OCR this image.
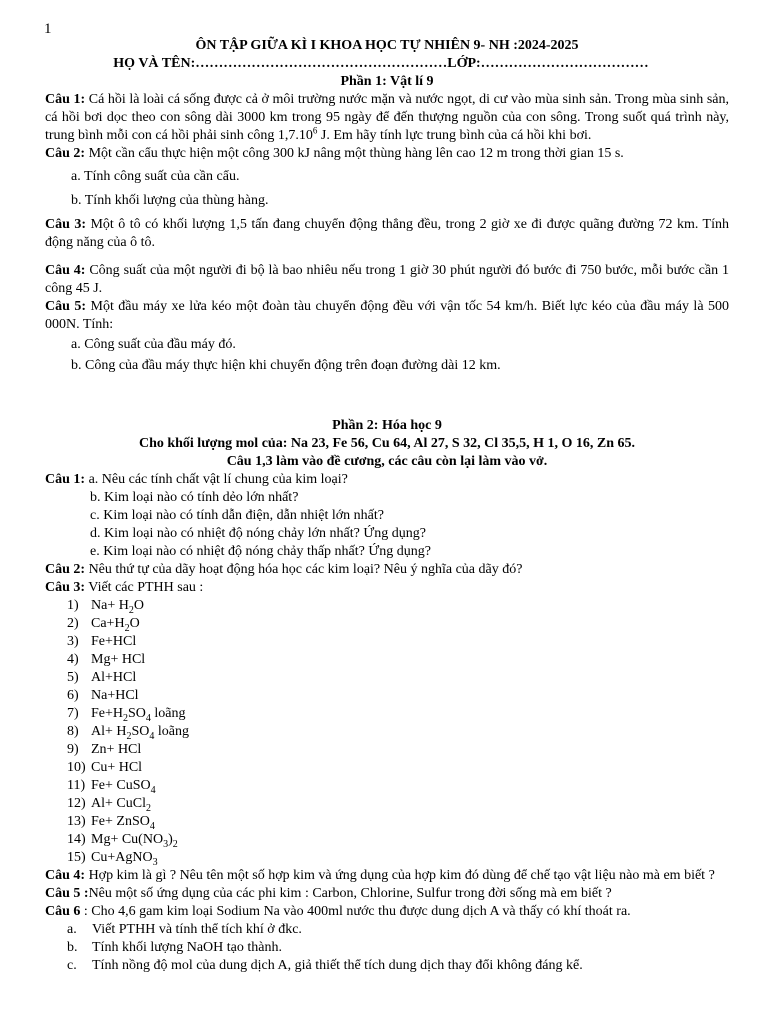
1
ÔN TẬP GIỮA KÌ I KHOA HỌC TỰ NHIÊN 9- NH :2024-2025
HỌ VÀ TÊN:………………………………………………LỚP:………………………………
Phần 1: Vật lí 9

Câu 1: Cá hồi là loài cá sống được cả ở môi trường nước mặn và nước ngọt, di cư vào mùa sinh sản. Trong mùa sinh sản, cá hồi bơi dọc theo con sông dài 3000 km trong 95 ngày để đến thượng nguồn của con sông. Trong suốt quá trình này, trung bình mỗi con cá hồi phải sinh công 1,7.10$^6$ J. Em hãy tính lực trung bình của cá hồi khi bơi.

Câu 2: Một cần cẩu thực hiện một công 300 kJ nâng một thùng hàng lên cao 12 m trong thời gian 15 s.

a. Tính công suất của cần cẩu.

b. Tính khối lượng của thùng hàng.

Câu 3: Một ô tô có khối lượng 1,5 tấn đang chuyển động thẳng đều, trong 2 giờ xe đi được quãng đường 72 km. Tính động năng của ô tô.

Câu 4: Công suất của một người đi bộ là bao nhiêu nếu trong 1 giờ 30 phút người đó bước đi 750 bước, mỗi bước cần 1 công 45 J.

Câu 5: Một đầu máy xe lửa kéo một đoàn tàu chuyển động đều với vận tốc 54 km/h. Biết lực kéo của đầu máy là 500 000N. Tính:

a. Công suất của đầu máy đó.

b. Công của đầu máy thực hiện khi chuyển động trên đoạn đường dài 12 km.

Phần 2: Hóa học 9
Cho khối lượng mol của: Na 23, Fe 56, Cu 64, Al 27, S 32, Cl 35,5, H 1, O 16, Zn 65.
Câu 1,3 làm vào đề cương, các câu còn lại làm vào vở.

Câu 1: a. Nêu các tính chất vật lí chung của kim loại?

b. Kim loại nào có tính dẻo lớn nhất?

c. Kim loại nào có tính dẫn điện, dẫn nhiệt lớn nhất?

d. Kim loại nào có nhiệt độ nóng chảy lớn nhất? Ứng dụng?

e. Kim loại nào có nhiệt độ nóng chảy thấp nhất? Ứng dụng?

Câu 2: Nêu thứ tự của dãy hoạt động hóa học các kim loại? Nêu ý nghĩa của dãy đó?

Câu 3: Viết các PTHH sau :

1) $Na+ H_2O$
2) $Ca+H_2O$
3) Fe+HCl
4) Mg+ HCl
5) Al+HCl
6) Na+HCl
7) $Fe+H_2SO_4$ loãng
8) $Al+ H_2SO_4$ loãng
9) Zn+ HCl
10) Cu+ HCl
11) Fe+ CuSO$_4$
12) Al+ CuCl$_2$
13) Fe+ ZnSO$_4$
14) $Mg+ Cu(NO_3)_2$
15) Cu+AgNO$_3$

Câu 4: Hợp kim là gì ? Nêu tên một số hợp kim và ứng dụng của hợp kim đó dùng để chế tạo vật liệu nào mà em biết ?

Câu 5 :Nêu một số ứng dụng của các phi kim : Carbon, Chlorine, Sulfur trong đời sống mà em biết ?

Câu 6 : Cho 4,6 gam kim loại Sodium Na vào 400ml nước thu được dung dịch A và thấy có khí thoát ra.

a.	Viết PTHH và tính thể tích khí ở đkc.
b.	Tính khối lượng NaOH tạo thành.
c.	Tính nồng độ mol của dung dịch A, giả thiết thể tích dung dịch thay đổi không đáng kể.
